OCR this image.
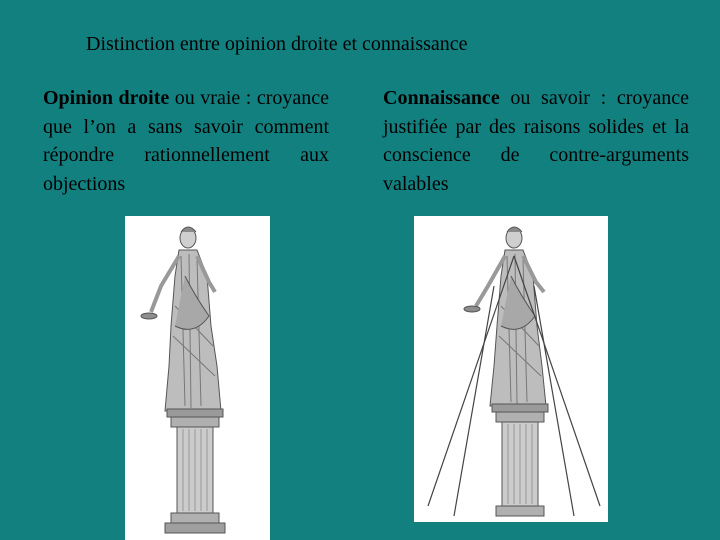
Distinction entre opinion droite et connaissance
Opinion droite ou vraie : croyance que l’on a sans savoir comment répondre rationnellement aux objections
Connaissance ou savoir : croyance justifiée par des raisons solides et la conscience de contre-arguments valables
